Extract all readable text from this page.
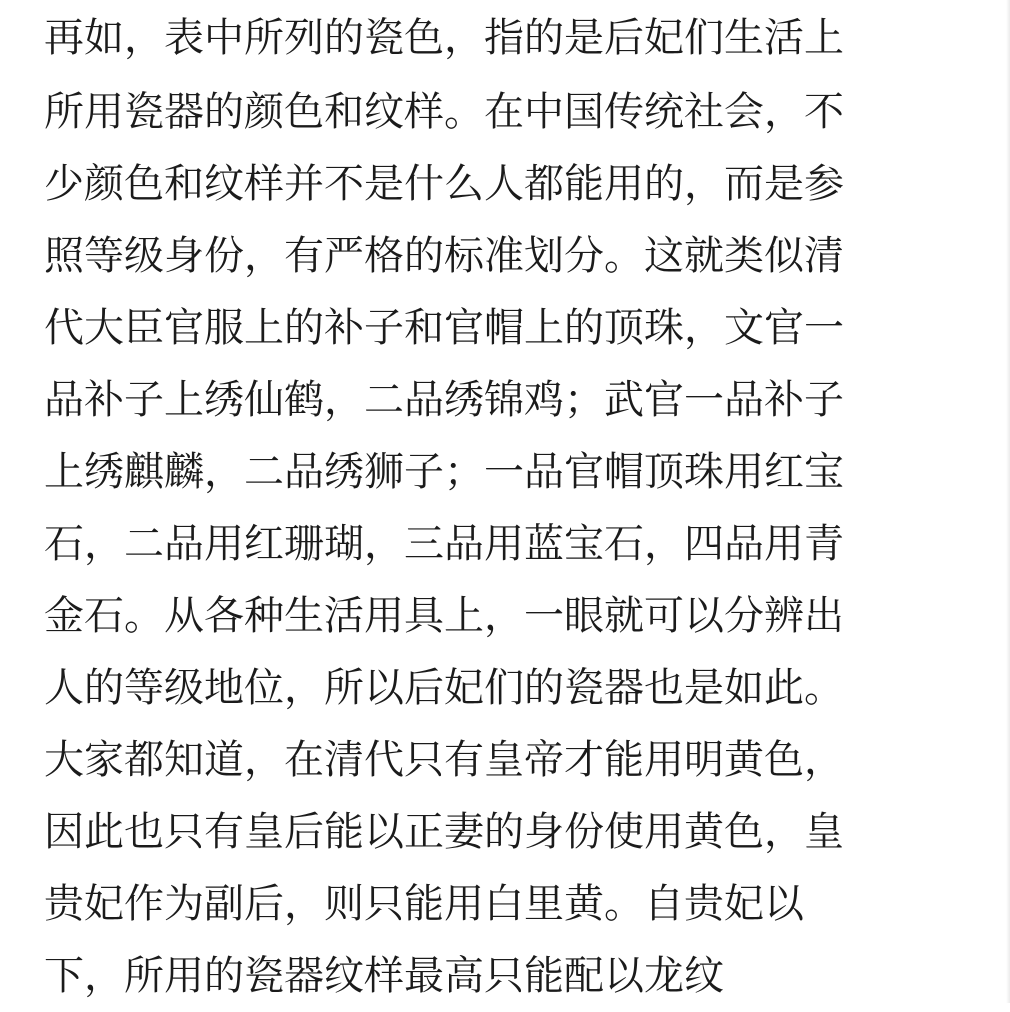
再如，表中所列的瓷色，指的是后妃们生活上
所用瓷器的颜色和纹样。在中国传统社会，不
少颜色和纹样并不是什么人都能用的，而是参
照等级身份，有严格的标准划分。这就类似清
代大臣官服上的补子和官帽上的顶珠，文官一
品补子上绣仙鹤，二品绣锦鸡；武官一品补子
上绣麒麟，二品绣狮子；一品官帽顶珠用红宝
石，二品用红珊瑚，三品用蓝宝石，四品用青
金石。从各种生活用具上，一眼就可以分辨出
人的等级地位，所以后妃们的瓷器也是如此。
大家都知道，在清代只有皇帝才能用明黄色，
因此也只有皇后能以正妻的身份使用黄色，皇
贵妃作为副后，则只能用白里黄。自贵妃以
下，所用的瓷器纹样最高只能配以龙纹
